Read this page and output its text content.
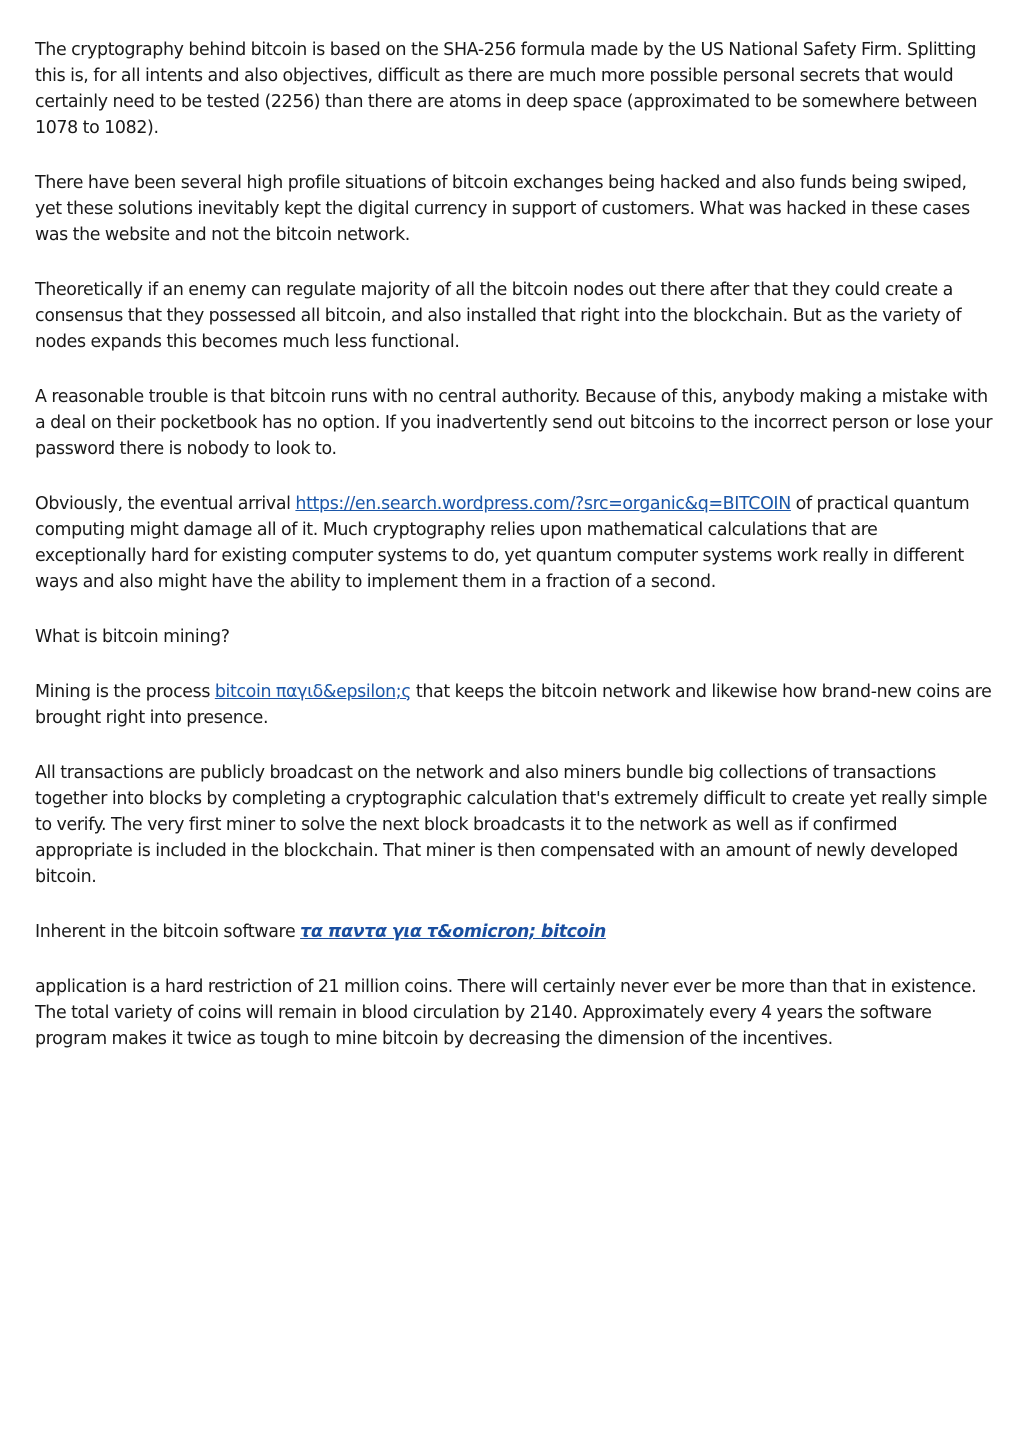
The cryptography behind bitcoin is based on the SHA-256 formula made by the US National Safety Firm. Splitting this is, for all intents and also objectives, difficult as there are much more possible personal secrets that would certainly need to be tested (2256) than there are atoms in deep space (approximated to be somewhere between 1078 to 1082).

There have been several high profile situations of bitcoin exchanges being hacked and also funds being swiped, yet these solutions inevitably kept the digital currency in support of customers. What was hacked in these cases was the website and not the bitcoin network.

Theoretically if an enemy can regulate majority of all the bitcoin nodes out there after that they could create a consensus that they possessed all bitcoin, and also installed that right into the blockchain. But as the variety of nodes expands this becomes much less functional.

A reasonable trouble is that bitcoin runs with no central authority. Because of this, anybody making a mistake with a deal on their pocketbook has no option. If you inadvertently send out bitcoins to the incorrect person or lose your password there is nobody to look to.

Obviously, the eventual arrival https://en.search.wordpress.com/?src=organic&q=BITCOIN of practical quantum computing might damage all of it. Much cryptography relies upon mathematical calculations that are exceptionally hard for existing computer systems to do, yet quantum computer systems work really in different ways and also might have the ability to implement them in a fraction of a second.

What is bitcoin mining?

Mining is the process bitcoin παγιδ&epsilon;ς that keeps the bitcoin network and likewise how brand-new coins are brought right into presence.

All transactions are publicly broadcast on the network and also miners bundle big collections of transactions together into blocks by completing a cryptographic calculation that's extremely difficult to create yet really simple to verify. The very first miner to solve the next block broadcasts it to the network as well as if confirmed appropriate is included in the blockchain. That miner is then compensated with an amount of newly developed bitcoin.

Inherent in the bitcoin software τα παντα για τ&omicron; bitcoin

application is a hard restriction of 21 million coins. There will certainly never ever be more than that in existence. The total variety of coins will remain in blood circulation by 2140. Approximately every 4 years the software program makes it twice as tough to mine bitcoin by decreasing the dimension of the incentives.
